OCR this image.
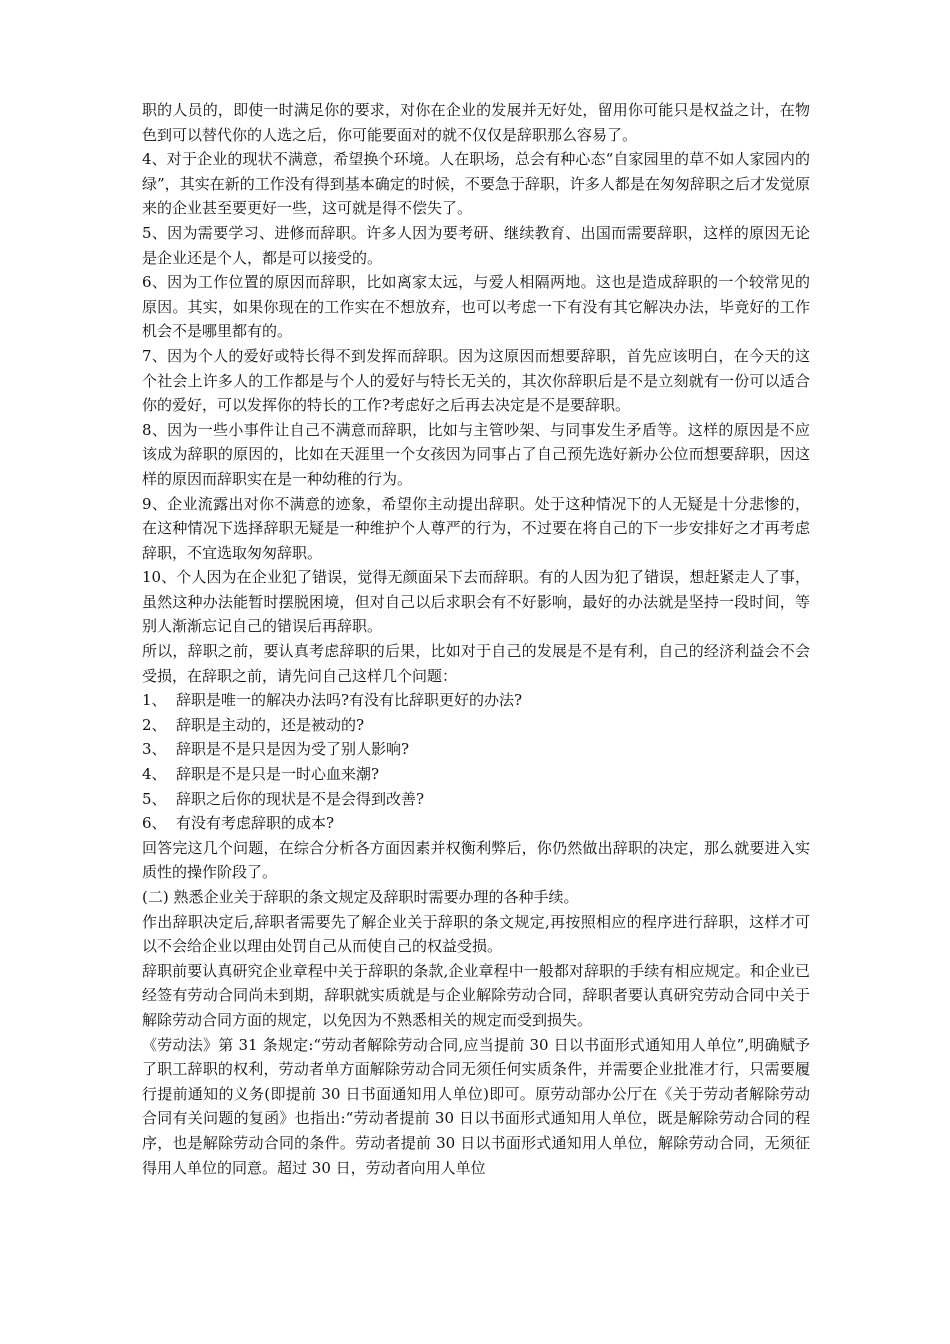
职的人员的，即使一时满足你的要求，对你在企业的发展并无好处，留用你可能只是权益之计，在物色到可以替代你的人选之后，你可能要面对的就不仅仅是辞职那么容易了。

4、对于企业的现状不满意，希望换个环境。人在职场，总会有种心态“自家园里的草不如人家园内的绿”，其实在新的工作没有得到基本确定的时候，不要急于辞职，许多人都是在匆匆辞职之后才发觉原来的企业甚至要更好一些，这可就是得不偿失了。

5、因为需要学习、进修而辞职。许多人因为要考研、继续教育、出国而需要辞职，这样的原因无论是企业还是个人，都是可以接受的。

6、因为工作位置的原因而辞职，比如离家太远，与爱人相隔两地。这也是造成辞职的一个较常见的原因。其实，如果你现在的工作实在不想放弃，也可以考虑一下有没有其它解决办法，毕竟好的工作机会不是哪里都有的。

7、因为个人的爱好或特长得不到发挥而辞职。因为这原因而想要辞职，首先应该明白，在今天的这个社会上许多人的工作都是与个人的爱好与特长无关的，其次你辞职后是不是立刻就有一份可以适合你的爱好，可以发挥你的特长的工作?考虑好之后再去决定是不是要辞职。

8、因为一些小事件让自己不满意而辞职，比如与主管吵架、与同事发生矛盾等。这样的原因是不应该成为辞职的原因的，比如在天涯里一个女孩因为同事占了自己预先选好新办公位而想要辞职，因这样的原因而辞职实在是一种幼稚的行为。

9、企业流露出对你不满意的迹象，希望你主动提出辞职。处于这种情况下的人无疑是十分悲惨的，在这种情况下选择辞职无疑是一种维护个人尊严的行为，不过要在将自己的下一步安排好之才再考虑辞职，不宜选取匆匆辞职。

10、个人因为在企业犯了错误，觉得无颜面呆下去而辞职。有的人因为犯了错误，想赶紧走人了事，虽然这种办法能暂时摆脱困境，但对自己以后求职会有不好影响，最好的办法就是坚持一段时间，等别人渐渐忘记自己的错误后再辞职。

所以，辞职之前，要认真考虑辞职的后果，比如对于自己的发展是不是有利，自己的经济利益会不会受损，在辞职之前，请先问自己这样几个问题：

1、 辞职是唯一的解决办法吗?有没有比辞职更好的办法?

2、 辞职是主动的，还是被动的?

3、 辞职是不是只是因为受了别人影响?

4、 辞职是不是只是一时心血来潮?

5、 辞职之后你的现状是不是会得到改善?

6、 有没有考虑辞职的成本?

回答完这几个问题，在综合分析各方面因素并权衡利弊后，你仍然做出辞职的决定，那么就要进入实质性的操作阶段了。

(二) 熟悉企业关于辞职的条文规定及辞职时需要办理的各种手续。

作出辞职决定后,辞职者需要先了解企业关于辞职的条文规定,再按照相应的程序进行辞职，这样才可以不会给企业以理由处罚自己从而使自己的权益受损。

辞职前要认真研究企业章程中关于辞职的条款,企业章程中一般都对辞职的手续有相应规定。和企业已经签有劳动合同尚未到期，辞职就实质就是与企业解除劳动合同，辞职者要认真研究劳动合同中关于解除劳动合同方面的规定，以免因为不熟悉相关的规定而受到损失。

《劳动法》第 31 条规定:“劳动者解除劳动合同,应当提前 30 日以书面形式通知用人单位”,明确赋予了职工辞职的权利，劳动者单方面解除劳动合同无须任何实质条件，并需要企业批准才行，只需要履行提前通知的义务(即提前 30 日书面通知用人单位)即可。原劳动部办公厅在《关于劳动者解除劳动合同有关问题的复函》也指出:“劳动者提前 30 日以书面形式通知用人单位，既是解除劳动合同的程序，也是解除劳动合同的条件。劳动者提前 30 日以书面形式通知用人单位，解除劳动合同，无须征得用人单位的同意。超过 30 日，劳动者向用人单位
